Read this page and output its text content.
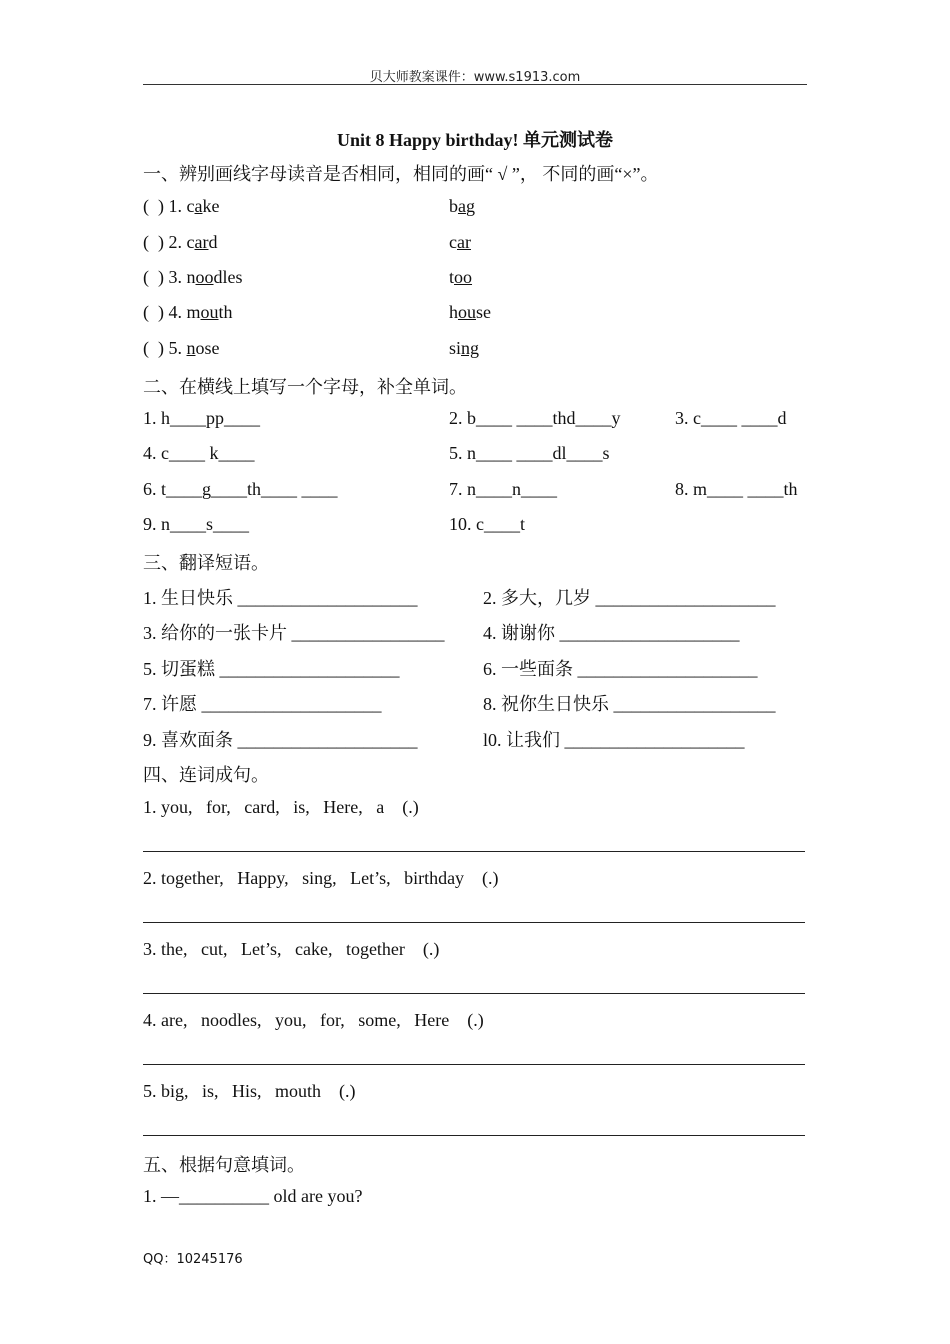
贝大师教案课件：www.s1913.com
Unit 8 Happy birthday! 单元测试卷
一、辨别画线字母读音是否相同，相同的画“ √ ”， 不同的画“×”。
(  ) 1. cake	bag
(  ) 2. card	car
(  ) 3. noodles	too
(  ) 4. mouth	house
(  ) 5. nose	sing
二、在横线上填写一个字母，补全单词。
1. h____pp____	2. b____ ____thd____y	3. c____ ____d
4. c____ k____	5. n____ ____dl____s
6. t____g____th____ ____	7. n____n____	8. m____ ____th
9. n____s____	10. c____t
三、翻译短语。
1. 生日快乐 ____________________	2. 多大，几岁 ____________________
3. 给你的一张卡片 _________________ 4. 谢谢你 ____________________
5. 切蛋糕 ____________________	6. 一些面条 ____________________
7. 许愿 ____________________	8. 祝你生日快乐 __________________
9. 喜欢面条 ____________________	l0. 让我们 ____________________
四、连词成句。
1. you,   for,   card,   is,   Here,   a    (.)
2. together,   Happy,   sing,   Let’s,   birthday    (.)
3. the,   cut,   Let’s,   cake,   together    (.)
4. are,   noodles,   you,   for,   some,   Here    (.)
5. big,   is,   His,   mouth    (.)
五、根据句意填词。
1. —__________ old are you?
QQ：10245176
